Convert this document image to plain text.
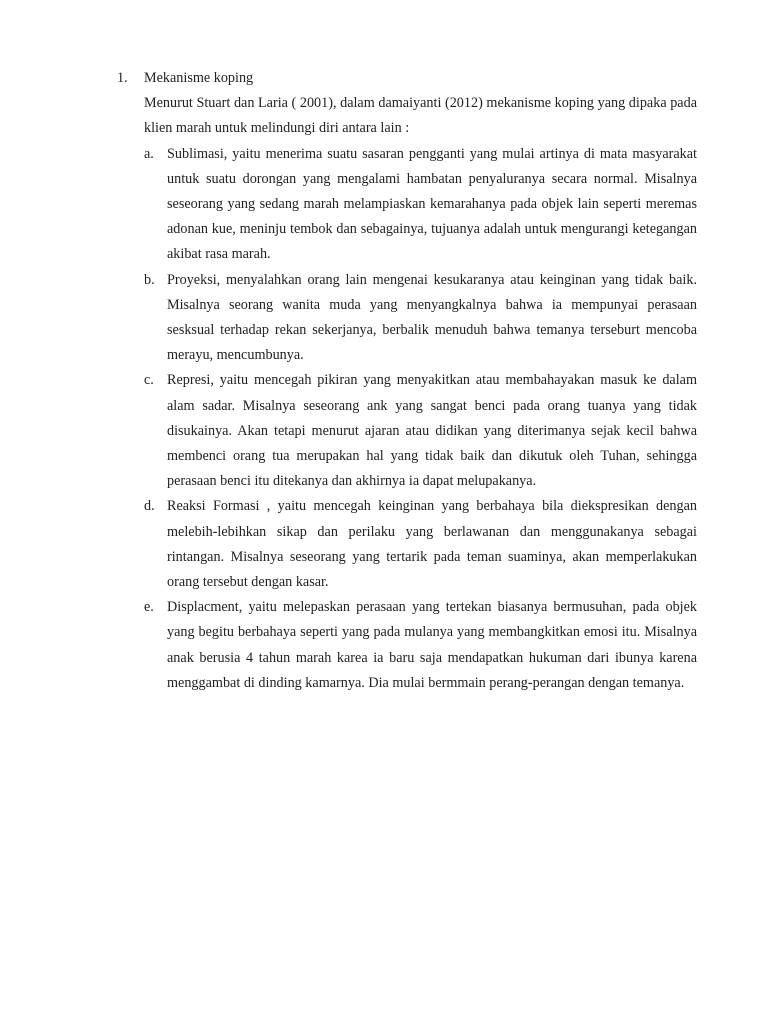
1.	Mekanisme koping
Menurut Stuart dan Laria ( 2001), dalam damaiyanti (2012) mekanisme koping yang dipaka pada klien marah untuk melindungi diri antara lain :
a. Sublimasi, yaitu menerima suatu sasaran pengganti yang mulai artinya di mata masyarakat untuk suatu dorongan yang mengalami hambatan penyaluranya secara normal. Misalnya seseorang yang sedang marah melampiaskan kemarahanya pada objek lain seperti meremas adonan kue, meninju tembok dan sebagainya, tujuanya adalah untuk mengurangi ketegangan akibat rasa marah.
b. Proyeksi, menyalahkan orang lain mengenai kesukaranya atau keinginan yang tidak baik. Misalnya seorang wanita muda yang menyangkalnya bahwa ia mempunyai perasaan sesksual terhadap rekan sekerjanya, berbalik menuduh bahwa temanya terseburt mencoba merayu, mencumbunya.
c. Represi, yaitu mencegah pikiran yang menyakitkan atau membahayakan masuk ke dalam alam sadar. Misalnya seseorang ank yang sangat benci pada orang tuanya yang tidak disukainya. Akan tetapi menurut ajaran atau didikan yang diterimanya sejak kecil bahwa membenci orang tua merupakan hal yang tidak baik dan dikutuk oleh Tuhan, sehingga perasaan benci itu ditekanya dan akhirnya ia dapat melupakanya.
d. Reaksi Formasi , yaitu mencegah keinginan yang berbahaya bila diekspresikan dengan melebih-lebihkan sikap dan perilaku yang berlawanan dan menggunakanya sebagai rintangan. Misalnya seseorang yang tertarik pada teman suaminya, akan memperlakukan orang tersebut dengan kasar.
e. Displacment, yaitu melepaskan perasaan yang tertekan biasanya bermusuhan, pada objek yang begitu berbahaya seperti yang pada mulanya yang membangkitkan emosi itu. Misalnya anak berusia 4 tahun marah karea ia baru saja mendapatkan hukuman dari ibunya karena menggambat di dinding kamarnya. Dia mulai bermmain perang-perangan dengan temanya.
